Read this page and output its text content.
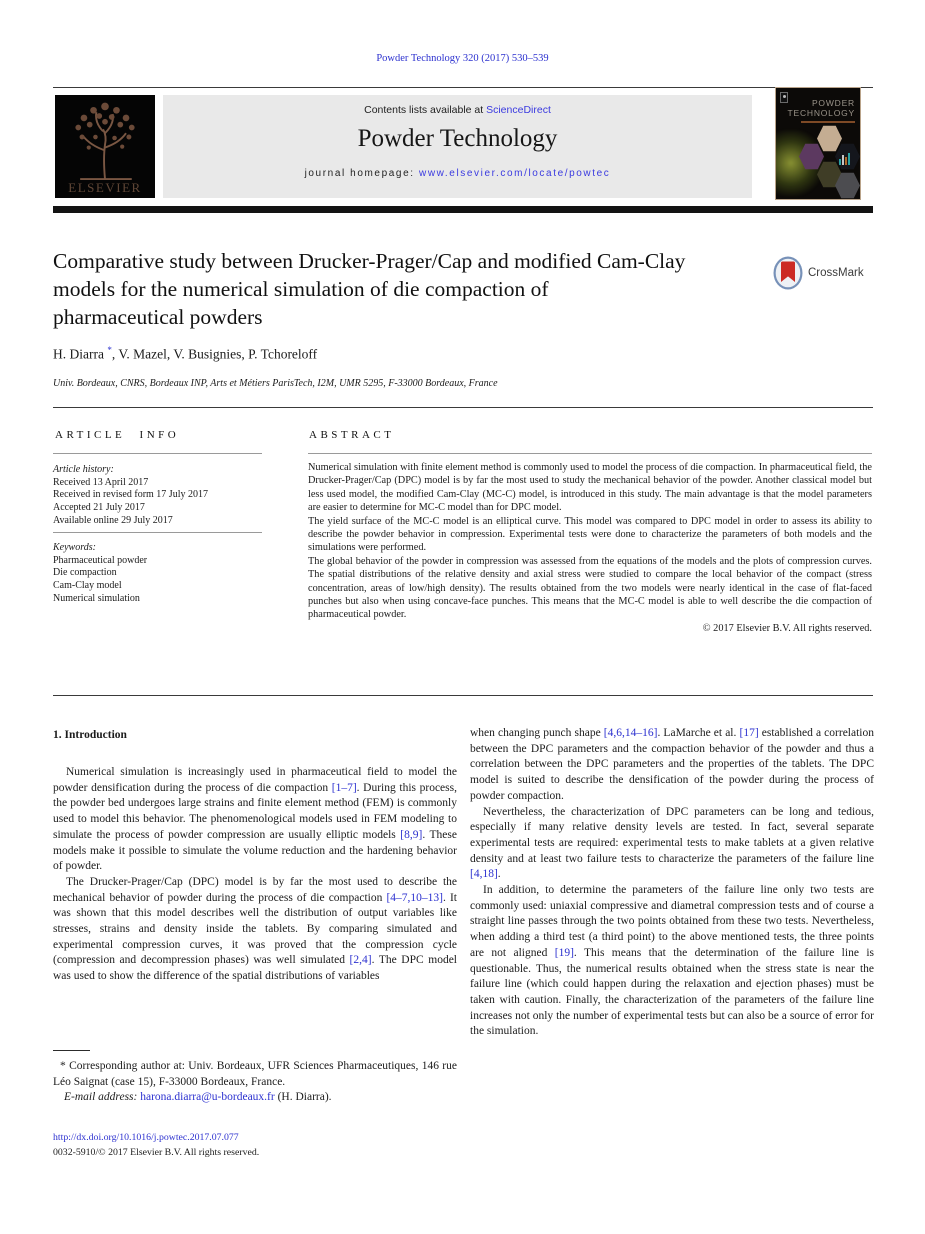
Powder Technology 320 (2017) 530–539
ELSEVIER
Contents lists available at ScienceDirect
Powder Technology
journal homepage: www.elsevier.com/locate/powtec
POWDER
TECHNOLOGY
Comparative study between Drucker-Prager/Cap and modified Cam-Clay
models for the numerical simulation of die compaction of
pharmaceutical powders
CrossMark
H. Diarra *, V. Mazel, V. Busignies, P. Tchoreloff
Univ. Bordeaux, CNRS, Bordeaux INP, Arts et Métiers ParisTech, I2M, UMR 5295, F-33000 Bordeaux, France
ARTICLE INFO
Article history:
Received 13 April 2017
Received in revised form 17 July 2017
Accepted 21 July 2017
Available online 29 July 2017
Keywords:
Pharmaceutical powder
Die compaction
Cam-Clay model
Numerical simulation
ABSTRACT

Numerical simulation with finite element method is commonly used to model the process of die compaction. In pharmaceutical field, the Drucker-Prager/Cap (DPC) model is by far the most used to study the mechanical behavior of the powder. Another classical model but less used model, the modified Cam-Clay (MC-C) model, is introduced in this study. The main advantage is that the model parameters are easier to determine for MC-C model than for DPC model.

The yield surface of the MC-C model is an elliptical curve. This model was compared to DPC model in order to assess its ability to describe the powder behavior in compression. Experimental tests were done to characterize the parameters of both models and the simulations were performed.

The global behavior of the powder in compression was assessed from the equations of the models and the plots of compression curves. The spatial distributions of the relative density and axial stress were studied to compare the local behavior of the compact (stress concentration, areas of low/high density). The results obtained from the two models were nearly identical in the case of flat-faced punches but also when using concave-face punches. This means that the MC-C model is able to well describe the die compaction of pharmaceutical powder.

© 2017 Elsevier B.V. All rights reserved.

1. Introduction

Numerical simulation is increasingly used in pharmaceutical field to model the powder densification during the process of die compaction [1–7]. During this process, the powder bed undergoes large strains and finite element method (FEM) is commonly used to model this behavior. The phenomenological models used in FEM modeling to simulate the process of powder compression are usually elliptic models [8,9]. These models make it possible to simulate the volume reduction and the hardening behavior of powder.

The Drucker-Prager/Cap (DPC) model is by far the most used to describe the mechanical behavior of powder during the process of die compaction [4–7,10–13]. It was shown that this model describes well the distribution of output variables like stresses, strains and density inside the tablets. By comparing simulated and experimental compression curves, it was proved that the compression cycle (compression and decompression phases) was well simulated [2,4]. The DPC model was used to show the difference of the spatial distributions of variables

when changing punch shape [4,6,14–16]. LaMarche et al. [17] established a correlation between the DPC parameters and the compaction behavior of the powder and thus a correlation between the DPC parameters and the properties of the tablets. The DPC model is suited to describe the densification of the powder during the process of powder compaction.

Nevertheless, the characterization of DPC parameters can be long and tedious, especially if many relative density levels are tested. In fact, several separate experimental tests are required: experimental tests to make tablets at a given relative density and at least two failure tests to characterize the parameters of the failure line [4,18].

In addition, to determine the parameters of the failure line only two tests are commonly used: uniaxial compressive and diametral compression tests and of course a straight line passes through the two points obtained from these two tests. Nevertheless, when adding a third test (a third point) to the above mentioned tests, the three points are not aligned [19]. This means that the determination of the failure line is questionable. Thus, the numerical results obtained when the stress state is near the failure line (which could happen during the relaxation and ejection phases) must be taken with caution. Finally, the characterization of the parameters of the failure line increases not only the number of experimental tests but can also be a source of error for the simulation.

* Corresponding author at: Univ. Bordeaux, UFR Sciences Pharmaceutiques, 146 rue Léo Saignat (case 15), F-33000 Bordeaux, France.

E-mail address: harona.diarra@u-bordeaux.fr (H. Diarra).

http://dx.doi.org/10.1016/j.powtec.2017.07.077
0032-5910/© 2017 Elsevier B.V. All rights reserved.
